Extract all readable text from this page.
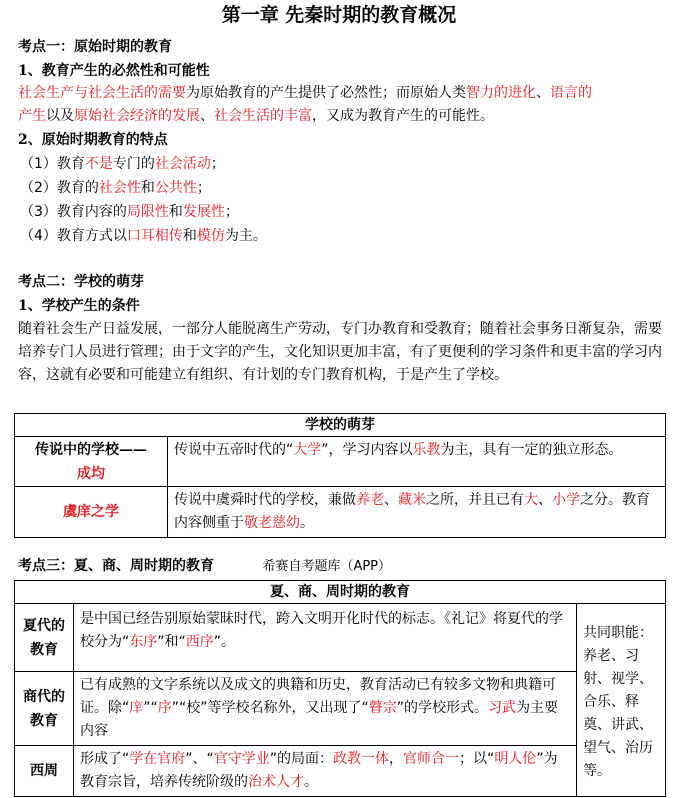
第一章 先秦时期的教育概况
考点一：原始时期的教育
1、教育产生的必然性和可能性
社会生产与社会生活的需要为原始教育的产生提供了必然性；而原始人类智力的进化、语言的
产生以及原始社会经济的发展、社会生活的丰富，又成为教育产生的可能性。
2、原始时期教育的特点
（1）教育不是专门的社会活动；
（2）教育的社会性和公共性；
（3）教育内容的局限性和发展性；
（4）教育方式以口耳相传和模仿为主。
考点二：学校的萌芽
1、学校产生的条件
随着社会生产日益发展，一部分人能脱离生产劳动，专门办教育和受教育；随着社会事务日渐复杂，需要培养专门人员进行管理；由于文字的产生，文化知识更加丰富，有了更便利的学习条件和更丰富的学习内容，这就有必要和可能建立有组织、有计划的专门教育机构，于是产生了学校。
学校的萌芽	
传说中的学校——
成均	传说中五帝时代的“大学”，学习内容以乐教为主，具有一定的独立形态。
虞庠之学	传说中虞舜时代的学校，兼做养老、藏米之所，并且已有大、小学之分。教育内容侧重于敬老慈幼。
考点三：夏、商、周时期的教育	希赛自考题库（APP）
夏、商、周时期的教育		
夏代的教育	是中国已经告别原始蒙昧时代，跨入文明开化时代的标志。《礼记》将夏代的学校分为“东序”和“西序”。	共同职能：养老、习射、视学、合乐、释奠、讲武、望气、治历等。
商代的教育	已有成熟的文字系统以及成文的典籍和历史，教育活动已有较多文物和典籍可证。除“庠”“序”“校”等学校名称外，又出现了“瞽宗”的学校形式。习武为主要内容	
西周	形成了“学在官府”、“官守学业”的局面：政教一体，官师合一；以“明人伦”为教育宗旨，培养传统阶级的治术人才。	
